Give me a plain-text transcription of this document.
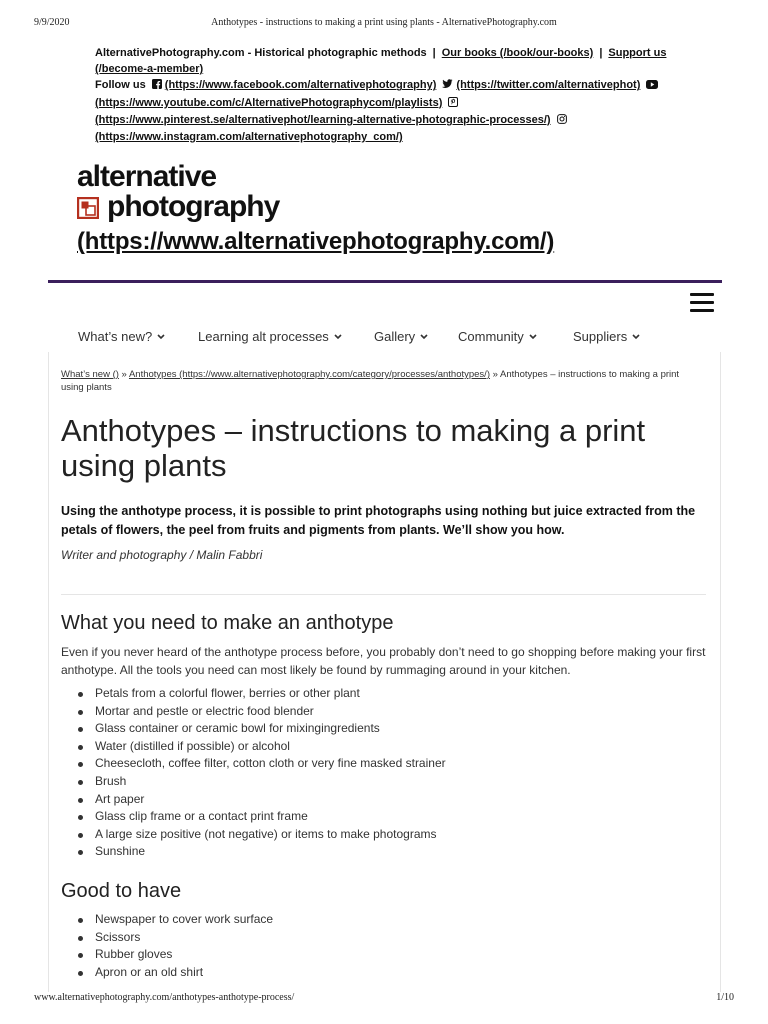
9/9/2020	Anthotypes - instructions to making a print using plants - AlternativePhotography.com
AlternativePhotography.com - Historical photographic methods | Our books (/book/our-books) | Support us (/become-a-member)
Follow us (https://www.facebook.com/alternativephotography) (https://twitter.com/alternativephot)
(https://www.youtube.com/c/AlternativePhotographycom/playlists)
(https://www.pinterest.se/alternativephot/learning-alternative-photographic-processes/)
(https://www.instagram.com/alternativephotography_com/)
alternative
photography
(https://www.alternativephotography.com/)
What’s new?	Learning alt processes	Gallery	Community	Suppliers
What’s new () » Anthotypes (https://www.alternativephotography.com/category/processes/anthotypes/) » Anthotypes – instructions to making a print using plants
Anthotypes – instructions to making a print using plants
Using the anthotype process, it is possible to print photographs using nothing but juice extracted from the petals of flowers, the peel from fruits and pigments from plants. We’ll show you how.
Writer and photography / Malin Fabbri
What you need to make an anthotype
Even if you never heard of the anthotype process before, you probably don’t need to go shopping before making your first anthotype. All the tools you need can most likely be found by rummaging around in your kitchen.
Petals from a colorful flower, berries or other plant
Mortar and pestle or electric food blender
Glass container or ceramic bowl for mixingingredients
Water (distilled if possible) or alcohol
Cheesecloth, coffee filter, cotton cloth or very fine masked strainer
Brush
Art paper
Glass clip frame or a contact print frame
A large size positive (not negative) or items to make photograms
Sunshine
Good to have
Newspaper to cover work surface
Scissors
Rubber gloves
Apron or an old shirt
www.alternativephotography.com/anthotypes-anthotype-process/	1/10
